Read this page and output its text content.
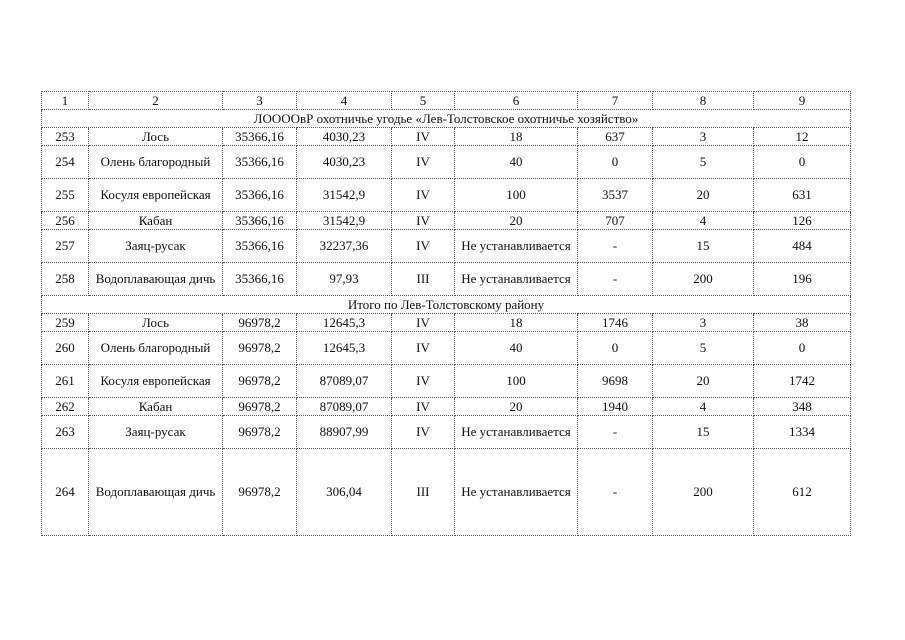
1	2	3	4	5	6	7	8	9
ЛООООвР охотничье угодье «Лев-Толстовское охотничье хозяйство»								
253	Лось	35366,16	4030,23	IV	18	637	3	12
254	Олень благородный	35366,16	4030,23	IV	40	0	5	0
255	Косуля европейская	35366,16	31542,9	IV	100	3537	20	631
256	Кабан	35366,16	31542,9	IV	20	707	4	126
257	Заяц-русак	35366,16	32237,36	IV	Не устанавливается	-	15	484
258	Водоплавающая дичь	35366,16	97,93	III	Не устанавливается	-	200	196
Итого по Лев-Толстовскому району								
259	Лось	96978,2	12645,3	IV	18	1746	3	38
260	Олень благородный	96978,2	12645,3	IV	40	0	5	0
261	Косуля европейская	96978,2	87089,07	IV	100	9698	20	1742
262	Кабан	96978,2	87089,07	IV	20	1940	4	348
263	Заяц-русак	96978,2	88907,99	IV	Не устанавливается	-	15	1334
264	Водоплавающая дичь	96978,2	306,04	III	Не устанавливается	-	200	612
